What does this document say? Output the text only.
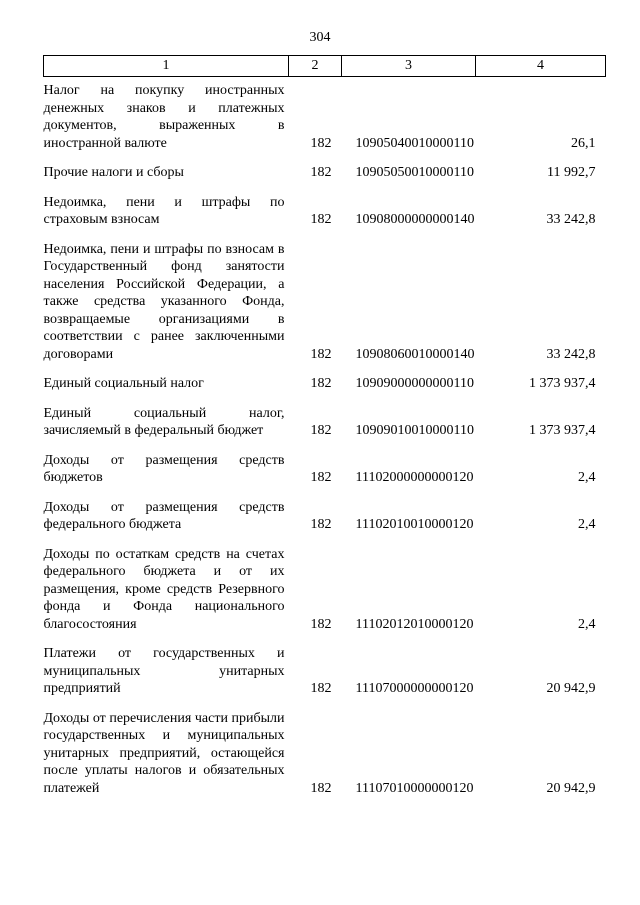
304
1	2	3	4

Налог на покупку иностранных денежных знаков и платежных документов, выраженных в иностранной валюте	182	10905040010000110	26,1

Прочие налоги и сборы	182	10905050010000110	11 992,7

Недоимка, пени и штрафы по страховым взносам	182	10908000000000140	33 242,8

Недоимка, пени и штрафы по взносам в Государственный фонд занятости населения Российской Федерации, а также средства указанного Фонда, возвращаемые организациями в соответствии с ранее заключенными договорами	182	10908060010000140	33 242,8

Единый социальный налог	182	10909000000000110	1 373 937,4

Единый социальный налог, зачисляемый в федеральный бюджет	182	10909010010000110	1 373 937,4

Доходы от размещения средств бюджетов	182	11102000000000120	2,4

Доходы от размещения средств федерального бюджета	182	11102010010000120	2,4

Доходы по остаткам средств на счетах федерального бюджета и от их размещения, кроме средств Резервного фонда и Фонда национального благосостояния	182	11102012010000120	2,4

Платежи от государственных и муниципальных унитарных предприятий	182	11107000000000120	20 942,9

Доходы от перечисления части прибыли государственных и муниципальных унитарных предприятий, остающейся после уплаты налогов и обязательных платежей	182	11107010000000120	20 942,9
